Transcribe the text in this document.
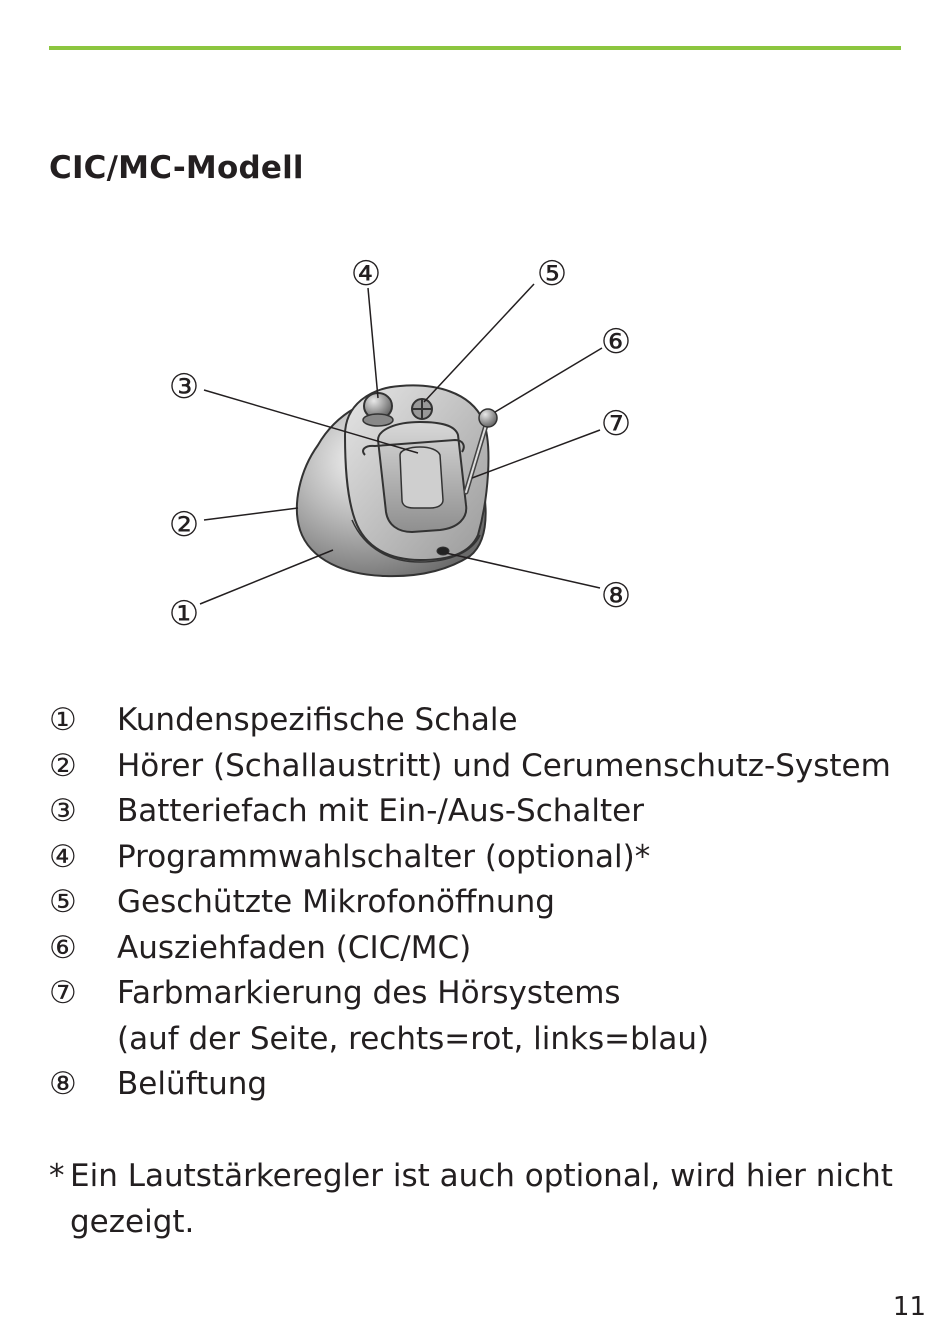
CIC/MC-Modell
①
②
③
④	⑤
⑥
⑦
⑧
①	Kundenspezifische Schale
②	Hörer (Schallaustritt) und Cerumenschutz-System
③	Batteriefach mit Ein-/Aus-Schalter
④	Programmwahlschalter (optional)*
⑤	Geschützte Mikrofonöffnung
⑥	Ausziehfaden (CIC/MC)
⑦	Farbmarkierung des Hörsystems
(auf der Seite, rechts=rot, links=blau)
⑧	Belüftung
* Ein Lautstärkeregler ist auch optional, wird hier nicht gezeigt.
11
